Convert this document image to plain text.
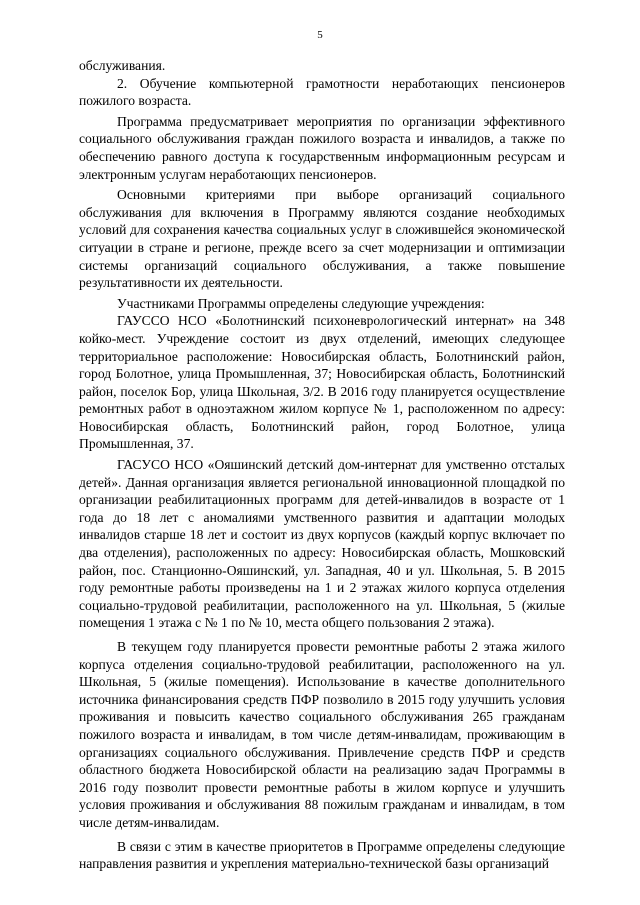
5

обслуживания.

2. Обучение компьютерной грамотности неработающих пенсионеров пожилого возраста.

Программа предусматривает мероприятия по организации эффективного социального обслуживания граждан пожилого возраста и инвалидов, а также по обеспечению равного доступа к государственным информационным ресурсам и электронным услугам неработающих пенсионеров.

Основными критериями при выборе организаций социального обслуживания для включения в Программу являются создание необходимых условий для сохранения качества социальных услуг в сложившейся экономической ситуации в стране и регионе, прежде всего за счет модернизации и оптимизации системы организаций социального обслуживания, а также повышение результативности их деятельности.

Участниками Программы определены следующие учреждения:

ГАУССО НСО «Болотнинский психоневрологический интернат» на 348 койко-мест. Учреждение состоит из двух отделений, имеющих следующее территориальное расположение: Новосибирская область, Болотнинский район, город Болотное, улица Промышленная, 37; Новосибирская область, Болотнинский район, поселок Бор, улица Школьная, 3/2. В 2016 году планируется осуществление ремонтных работ в одноэтажном жилом корпусе № 1, расположенном по адресу: Новосибирская область, Болотнинский район, город Болотное, улица Промышленная, 37.

ГАСУСО НСО «Ояшинский детский дом-интернат для умственно отсталых детей». Данная организация является региональной инновационной площадкой по организации реабилитационных программ для детей-инвалидов в возрасте от 1 года до 18 лет с аномалиями умственного развития и адаптации молодых инвалидов старше 18 лет и состоит из двух корпусов (каждый корпус включает по два отделения), расположенных по адресу: Новосибирская область, Мошковский район, пос. Станционно-Ояшинский, ул. Западная, 40 и ул. Школьная, 5. В 2015 году ремонтные работы произведены на 1 и 2 этажах жилого корпуса отделения социально-трудовой реабилитации, расположенного на ул. Школьная, 5 (жилые помещения 1 этажа с № 1 по № 10, места общего пользования 2 этажа).

В текущем году планируется провести ремонтные работы 2 этажа жилого корпуса отделения социально-трудовой реабилитации, расположенного на ул. Школьная, 5 (жилые помещения). Использование в качестве дополнительного источника финансирования средств ПФР позволило в 2015 году улучшить условия проживания и повысить качество социального обслуживания 265 гражданам пожилого возраста и инвалидам, в том числе детям-инвалидам, проживающим в организациях социального обслуживания. Привлечение средств ПФР и средств областного бюджета Новосибирской области на реализацию задач Программы в 2016 году позволит провести ремонтные работы в жилом корпусе и улучшить условия проживания и обслуживания 88 пожилым гражданам и инвалидам, в том числе детям-инвалидам.

В связи с этим в качестве приоритетов в Программе определены следующие направления развития и укрепления материально-технической базы организаций
